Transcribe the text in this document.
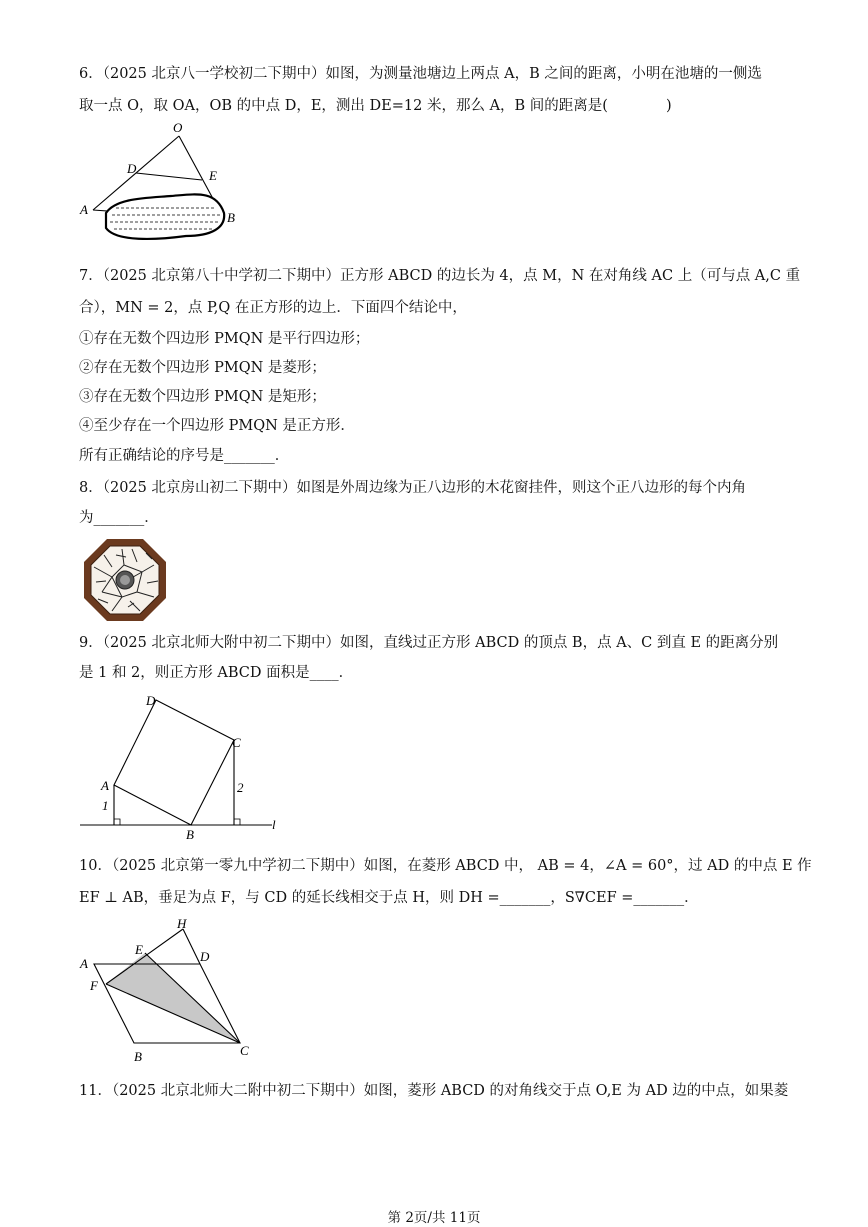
6．（2025 北京八一学校初二下期中）如图，为测量池塘边上两点 A，B 之间的距离，小明在池塘的一侧选
取一点 O，取 OA，OB 的中点 D，E，测出 DE=12 米，那么 A，B 间的距离是(　　　　)
O
D	E
A
B
7．（2025 北京第八十中学初二下期中）正方形 ABCD 的边长为 4，点 M，N 在对角线 AC 上（可与点 A,C 重
合），MN = 2，点 P,Q 在正方形的边上．下面四个结论中，
①存在无数个四边形 PMQN 是平行四边形；
②存在无数个四边形 PMQN 是菱形；
③存在无数个四边形 PMQN 是矩形；
④至少存在一个四边形 PMQN 是正方形．
所有正确结论的序号是_______．
8．（2025 北京房山初二下期中）如图是外周边缘为正八边形的木花窗挂件，则这个正八边形的每个内角
为_______．
9．（2025 北京北师大附中初二下期中）如图，直线过正方形 ABCD 的顶点 B，点 A、C 到直 E 的距离分别
是 1 和 2，则正方形 ABCD 面积是____．
D
C
A
B
1
2
l
10．（2025 北京第一零九中学初二下期中）如图，在菱形 ABCD 中， AB = 4，∠A = 60°，过 AD 的中点 E 作
EF ⊥ AB，垂足为点 F，与 CD 的延长线相交于点 H，则 DH =_______，S∇CEF =_______．
H
E	D
A
F
B	C
11．（2025 北京北师大二附中初二下期中）如图，菱形 ABCD 的对角线交于点 O,E 为 AD 边的中点，如果菱
第 2页/共 11页
